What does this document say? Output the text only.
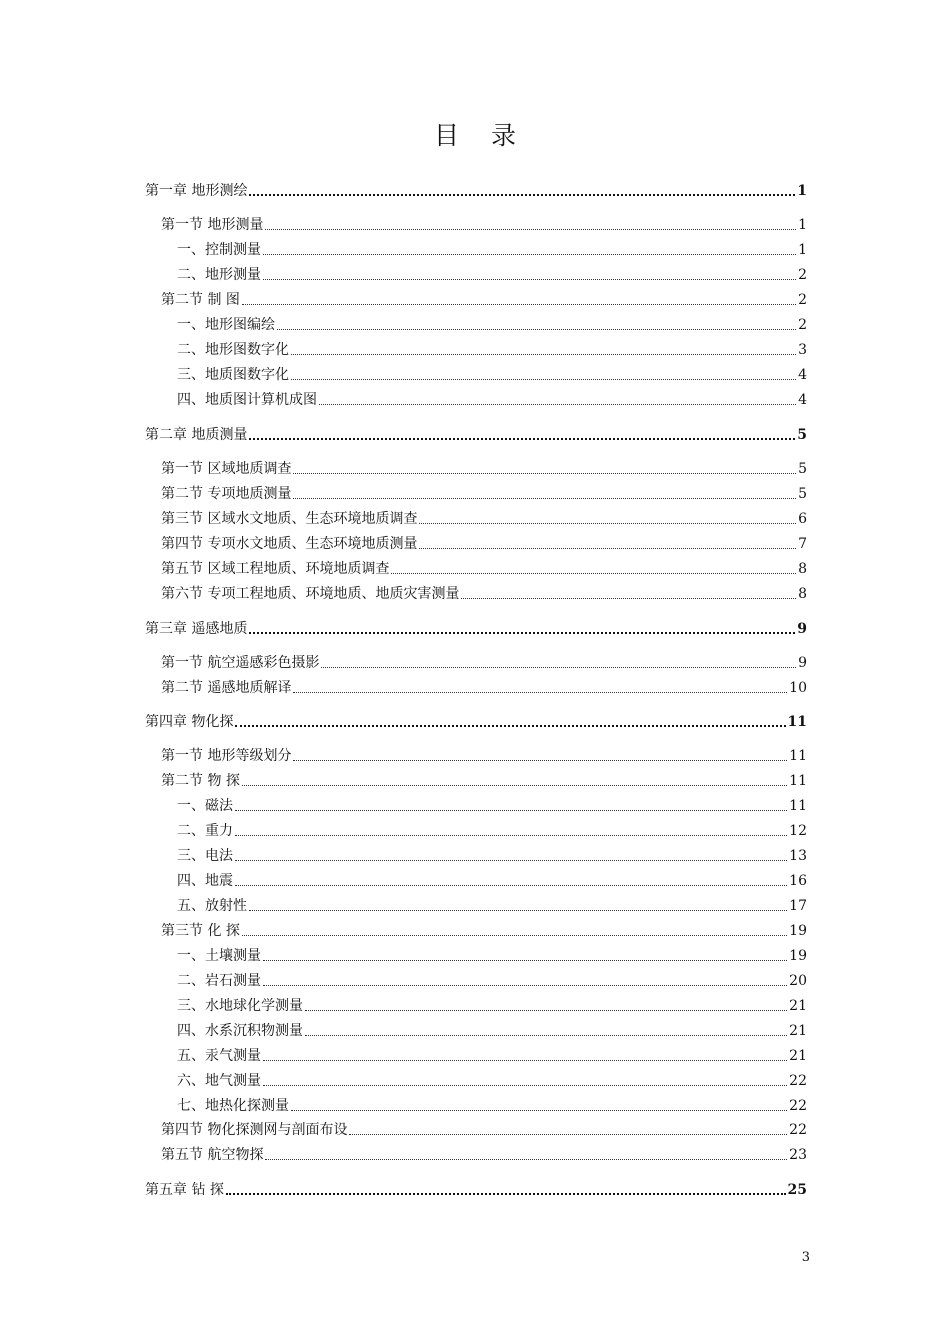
目 录
第一章 地形测绘	1
第一节 地形测量	1
一、控制测量	1
二、地形测量	2
第二节 制 图	2
一、地形图编绘	2
二、地形图数字化	3
三、地质图数字化	4
四、地质图计算机成图	4
第二章 地质测量	5
第一节 区域地质调查	5
第二节 专项地质测量	5
第三节 区域水文地质、生态环境地质调查	6
第四节 专项水文地质、生态环境地质测量	7
第五节 区域工程地质、环境地质调查	8
第六节 专项工程地质、环境地质、地质灾害测量	8
第三章 遥感地质	9
第一节 航空遥感彩色摄影	9
第二节 遥感地质解译	10
第四章 物化探	11
第一节 地形等级划分	11
第二节 物 探	11
一、磁法	11
二、重力	12
三、电法	13
四、地震	16
五、放射性	17
第三节 化 探	19
一、土壤测量	19
二、岩石测量	20
三、水地球化学测量	21
四、水系沉积物测量	21
五、汞气测量	21
六、地气测量	22
七、地热化探测量	22
第四节 物化探测网与剖面布设	22
第五节 航空物探	23
第五章 钻 探	25
3
